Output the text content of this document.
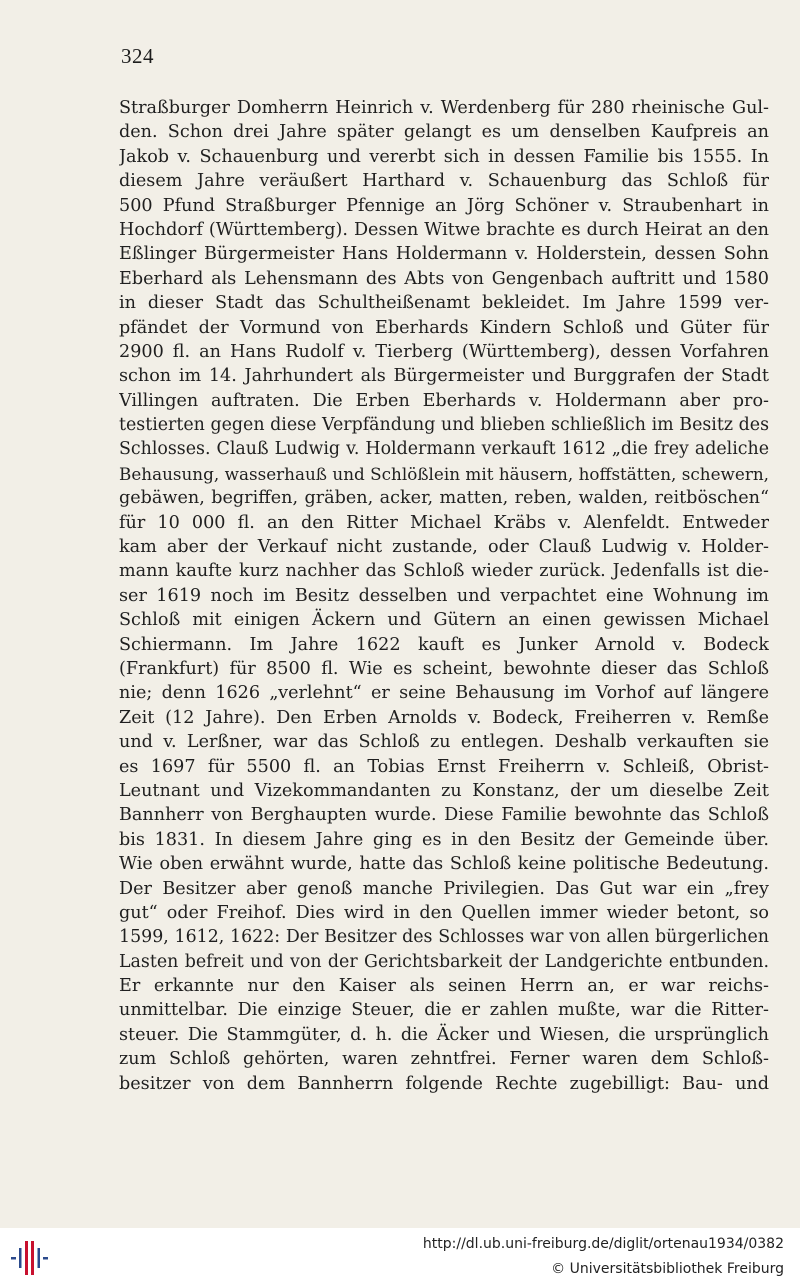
324
Straßburger Domherrn Heinrich v. Werdenberg für 280 rheinische Gul-
den. Schon drei Jahre später gelangt es um denselben Kaufpreis an
Jakob v. Schauenburg und vererbt sich in dessen Familie bis 1555. In
diesem Jahre veräußert Harthard v. Schauenburg das Schloß für
500 Pfund Straßburger Pfennige an Jörg Schöner v. Straubenhart in
Hochdorf (Württemberg). Dessen Witwe brachte es durch Heirat an den
Eßlinger Bürgermeister Hans Holdermann v. Holderstein, dessen Sohn
Eberhard als Lehensmann des Abts von Gengenbach auftritt und 1580
in dieser Stadt das Schultheißenamt bekleidet. Im Jahre 1599 ver-
pfändet der Vormund von Eberhards Kindern Schloß und Güter für
2900 fl. an Hans Rudolf v. Tierberg (Württemberg), dessen Vorfahren
schon im 14. Jahrhundert als Bürgermeister und Burggrafen der Stadt
Villingen auftraten. Die Erben Eberhards v. Holdermann aber pro-
testierten gegen diese Verpfändung und blieben schließlich im Besitz des
Schlosses. Clauß Ludwig v. Holdermann verkauft 1612 „die frey adeliche
Behausung, wasserhauß und Schlößlein mit häusern, hoffstätten, schewern,
gebäwen, begriffen, gräben, acker, matten, reben, walden, reitböschen“
für 10 000 fl. an den Ritter Michael Kräbs v. Alenfeldt. Entweder
kam aber der Verkauf nicht zustande, oder Clauß Ludwig v. Holder-
mann kaufte kurz nachher das Schloß wieder zurück. Jedenfalls ist die-
ser 1619 noch im Besitz desselben und verpachtet eine Wohnung im
Schloß mit einigen Äckern und Gütern an einen gewissen Michael
Schiermann. Im Jahre 1622 kauft es Junker Arnold v. Bodeck
(Frankfurt) für 8500 fl. Wie es scheint, bewohnte dieser das Schloß
nie; denn 1626 „verlehnt“ er seine Behausung im Vorhof auf längere
Zeit (12 Jahre). Den Erben Arnolds v. Bodeck, Freiherren v. Remße
und v. Lerßner, war das Schloß zu entlegen. Deshalb verkauften sie
es 1697 für 5500 fl. an Tobias Ernst Freiherrn v. Schleiß, Obrist-
Leutnant und Vizekommandanten zu Konstanz, der um dieselbe Zeit
Bannherr von Berghaupten wurde. Diese Familie bewohnte das Schloß
bis 1831. In diesem Jahre ging es in den Besitz der Gemeinde über.
Wie oben erwähnt wurde, hatte das Schloß keine politische Bedeutung.
Der Besitzer aber genoß manche Privilegien. Das Gut war ein „frey
gut“ oder Freihof. Dies wird in den Quellen immer wieder betont, so
1599, 1612, 1622: Der Besitzer des Schlosses war von allen bürgerlichen
Lasten befreit und von der Gerichtsbarkeit der Landgerichte entbunden.
Er erkannte nur den Kaiser als seinen Herrn an, er war reichs-
unmittelbar. Die einzige Steuer, die er zahlen mußte, war die Ritter-
steuer. Die Stammgüter, d. h. die Äcker und Wiesen, die ursprünglich
zum Schloß gehörten, waren zehntfrei. Ferner waren dem Schloß-
besitzer von dem Bannherrn folgende Rechte zugebilligt: Bau- und
http://dl.ub.uni-freiburg.de/diglit/ortenau1934/0382
© Universitätsbibliothek Freiburg
